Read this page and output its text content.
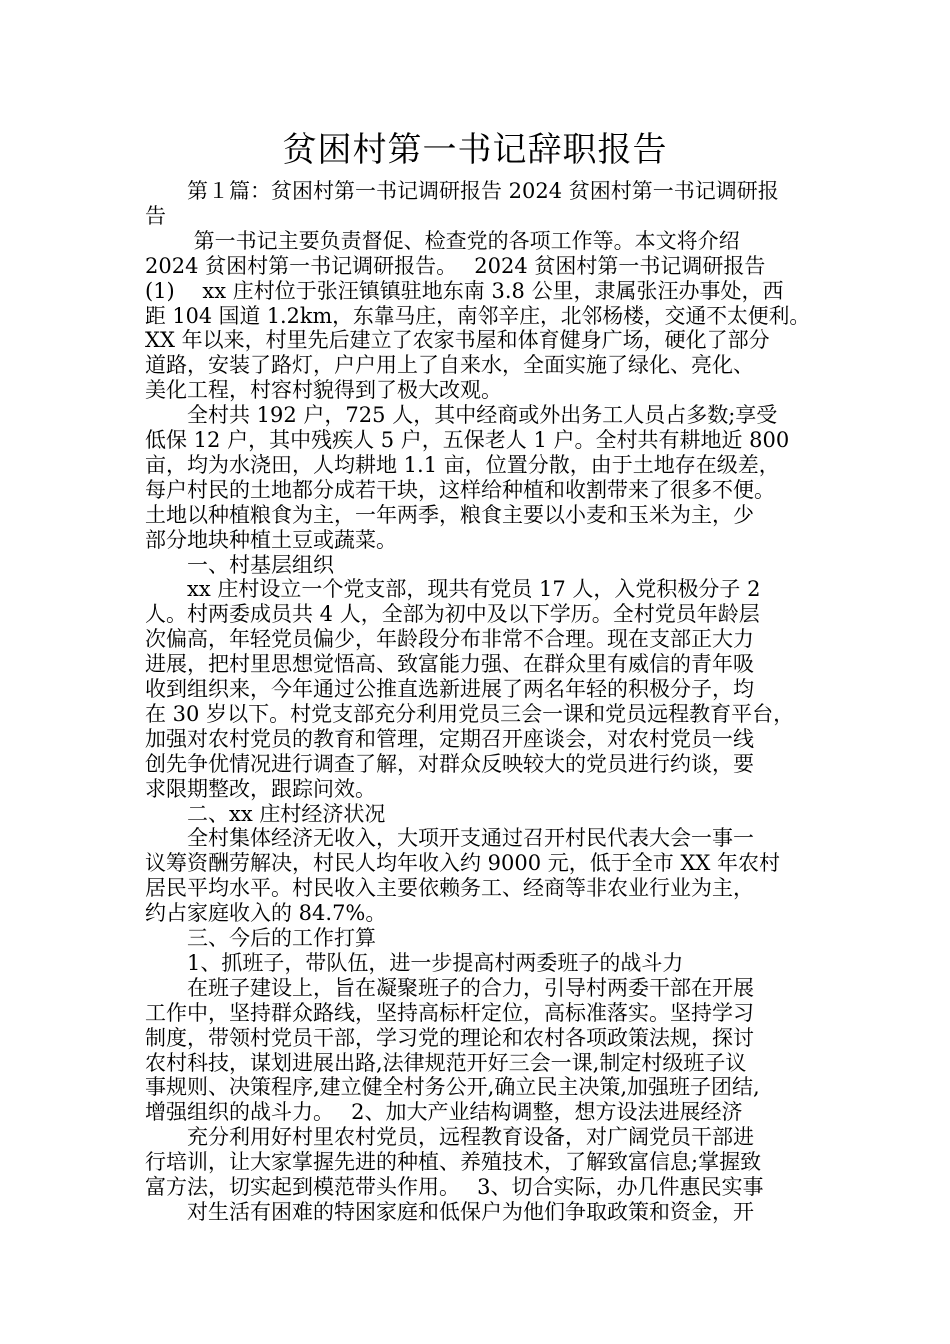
贫困村第一书记辞职报告
　　第１篇：贫困村第一书记调研报告 2024 贫困村第一书记调研报
告
　　 第一书记主要负责督促、检查党的各项工作等。本文将介绍
2024 贫困村第一书记调研报告。　 2024 贫困村第一书记调研报告
(1)　 xx 庄村位于张汪镇镇驻地东南 3.8 公里，隶属张汪办事处，西
距 104 国道 1.2km，东靠马庄，南邻辛庄，北邻杨楼，交通不太便利。
XX 年以来，村里先后建立了农家书屋和体育健身广场，硬化了部分
道路，安装了路灯，户户用上了自来水，全面实施了绿化、亮化、
美化工程，村容村貌得到了极大改观。
　　全村共 192 户，725 人，其中经商或外出务工人员占多数;享受
低保 12 户，其中残疾人 5 户，五保老人 1 户。全村共有耕地近 800
亩，均为水浇田，人均耕地 1.1 亩，位置分散，由于土地存在级差，
每户村民的土地都分成若干块，这样给种植和收割带来了很多不便。
土地以种植粮食为主，一年两季，粮食主要以小麦和玉米为主，少
部分地块种植土豆或蔬菜。
　　一、村基层组织
　　xx 庄村设立一个党支部，现共有党员 17 人，入党积极分子 2
人。村两委成员共 4 人，全部为初中及以下学历。全村党员年龄层
次偏高，年轻党员偏少，年龄段分布非常不合理。现在支部正大力
进展，把村里思想觉悟高、致富能力强、在群众里有威信的青年吸
收到组织来，今年通过公推直选新进展了两名年轻的积极分子，均
在 30 岁以下。村党支部充分利用党员三会一课和党员远程教育平台，
加强对农村党员的教育和管理，定期召开座谈会，对农村党员一线
创先争优情况进行调查了解，对群众反映较大的党员进行约谈，要
求限期整改，跟踪问效。
　　二、xx 庄村经济状况
　　全村集体经济无收入，大项开支通过召开村民代表大会一事一
议筹资酬劳解决，村民人均年收入约 9000 元，低于全市 XX 年农村
居民平均水平。村民收入主要依赖务工、经商等非农业行业为主，
约占家庭收入的 84.7%。
　　三、今后的工作打算
　　1、抓班子，带队伍，进一步提高村两委班子的战斗力
　　在班子建设上，旨在凝聚班子的合力，引导村两委干部在开展
工作中，坚持群众路线，坚持高标杆定位，高标准落实。坚持学习
制度，带领村党员干部，学习党的理论和农村各项政策法规，探讨
农村科技，谋划进展出路,法律规范开好三会一课,制定村级班子议
事规则、决策程序,建立健全村务公开,确立民主决策,加强班子团结,
增强组织的战斗力。　 2、加大产业结构调整，想方设法进展经济
　　充分利用好村里农村党员，远程教育设备，对广阔党员干部进
行培训，让大家掌握先进的种植、养殖技术，了解致富信息;掌握致
富方法，切实起到模范带头作用。　 3、切合实际，办几件惠民实事
　　对生活有困难的特困家庭和低保户为他们争取政策和资金，开
